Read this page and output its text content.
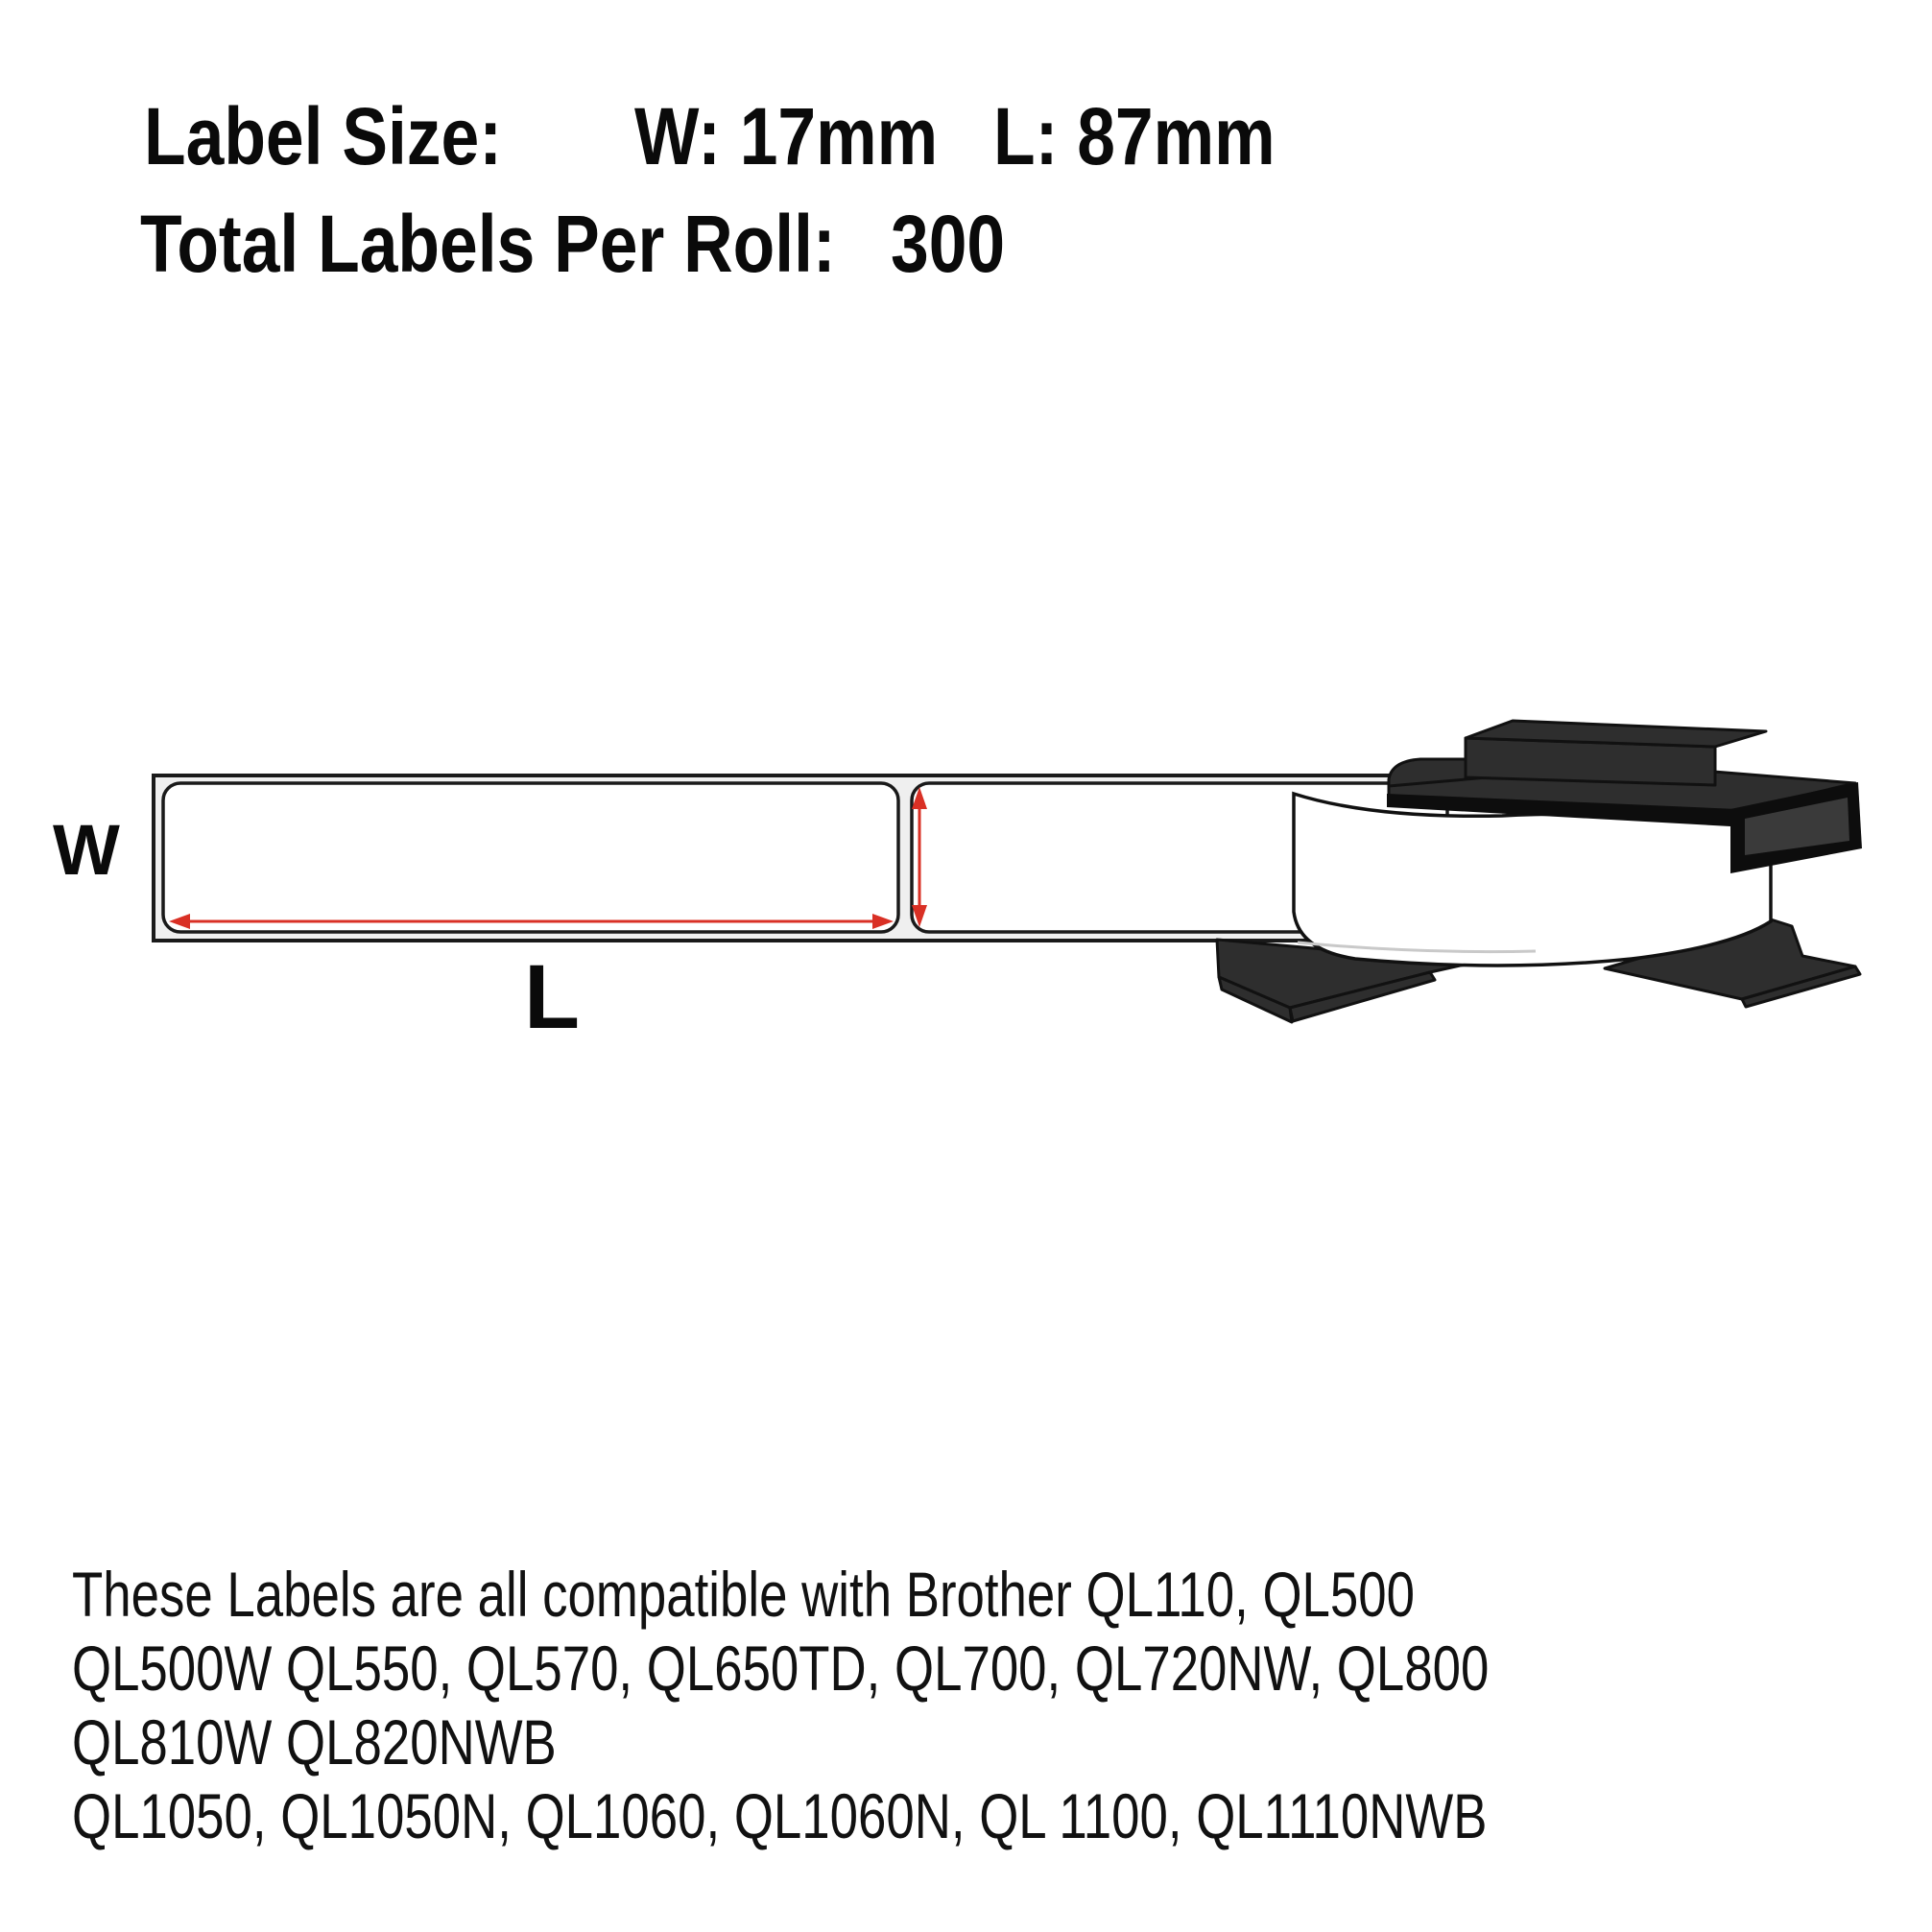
Label Size: W: 17mm L: 87mm
Total Labels Per Roll: 300
W
L
These Labels are all compatible with Brother QL110, QL500
QL500W QL550, QL570, QL650TD, QL700, QL720NW, QL800
QL810W QL820NWB
QL1050, QL1050N, QL1060, QL1060N, QL 1100, QL1110NWB
